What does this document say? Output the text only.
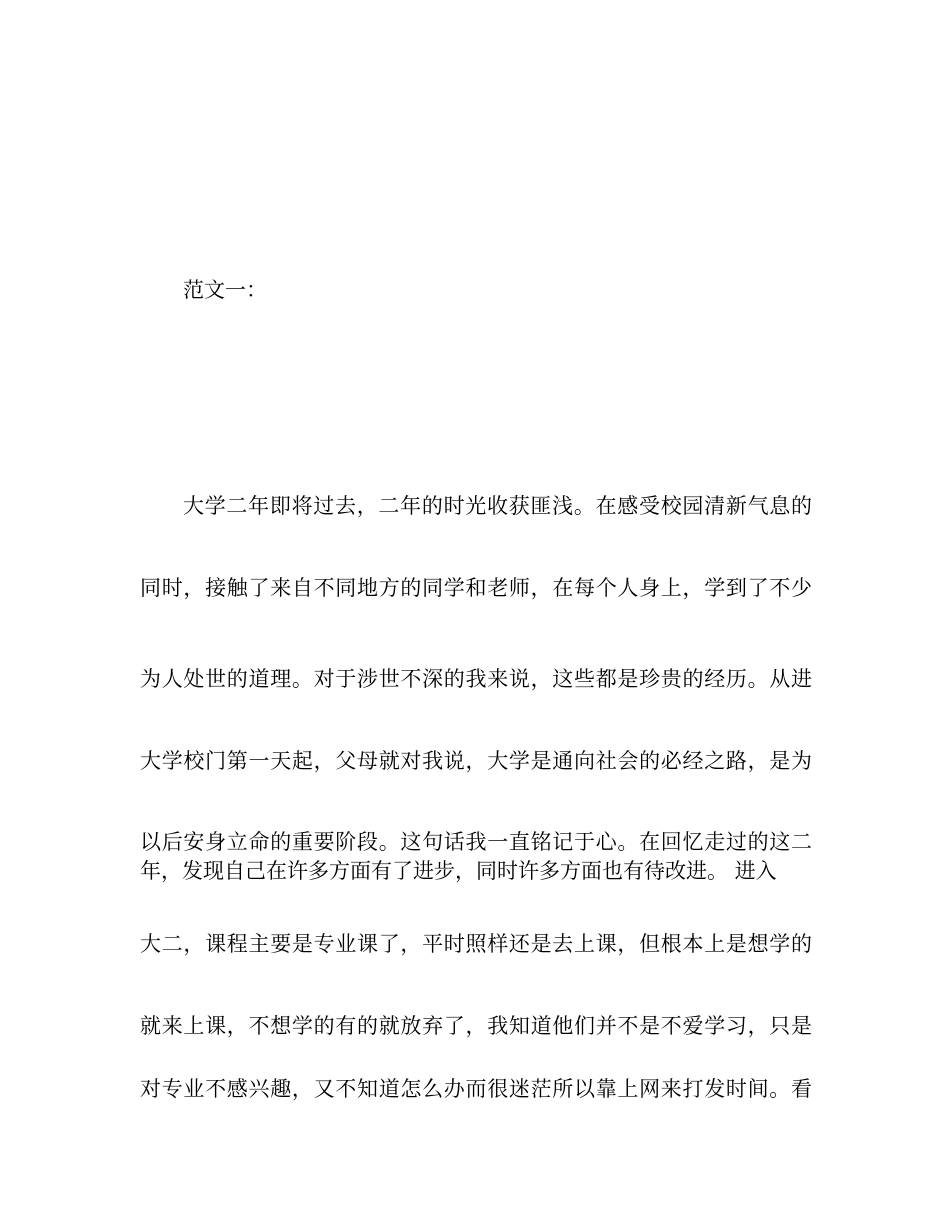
范文一：
大学二年即将过去，二年的时光收获匪浅。在感受校园清新气息的
同时，接触了来自不同地方的同学和老师，在每个人身上，学到了不少
为人处世的道理。对于涉世不深的我来说，这些都是珍贵的经历。从进
大学校门第一天起，父母就对我说，大学是通向社会的必经之路，是为
以后安身立命的重要阶段。这句话我一直铭记于心。在回忆走过的这二
年，发现自己在许多方面有了进步，同时许多方面也有待改进。 进入
大二，课程主要是专业课了，平时照样还是去上课，但根本上是想学的
就来上课，不想学的有的就放弃了，我知道他们并不是不爱学习，只是
对专业不感兴趣，又不知道怎么办而很迷茫所以靠上网来打发时间。看
